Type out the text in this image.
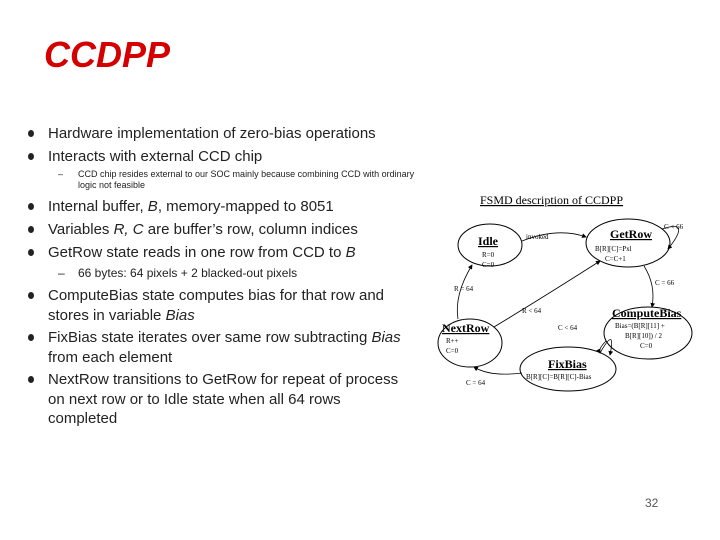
CCDPP
Hardware implementation of zero-bias operations
Interacts with external CCD chip
– CCD chip resides external to our SOC mainly because combining CCD with ordinary logic not feasible
Internal buffer, B, memory-mapped to 8051
Variables R, C are buffer’s row, column indices
GetRow state reads in one row from CCD to B
– 66 bytes: 64 pixels + 2 blacked-out pixels
ComputeBias state computes bias for that row and stores in variable Bias
FixBias state iterates over same row subtracting Bias from each element
NextRow transitions to GetRow for repeat of process on next row or to Idle state when all 64 rows completed
FSMD description of CCDPP
Idle
R=0
C=0
GetRow
B[R][C]=Pxl
C=C+1
ComputeBias
Bias=(B[R][11] +
B[R][10]) / 2
C=0
NextRow
R++
C=0
FixBias
B[R][C]=B[R][C]-Bias
invoked
C < 66
C = 66
R = 64
R < 64
C < 64
C = 64
32
